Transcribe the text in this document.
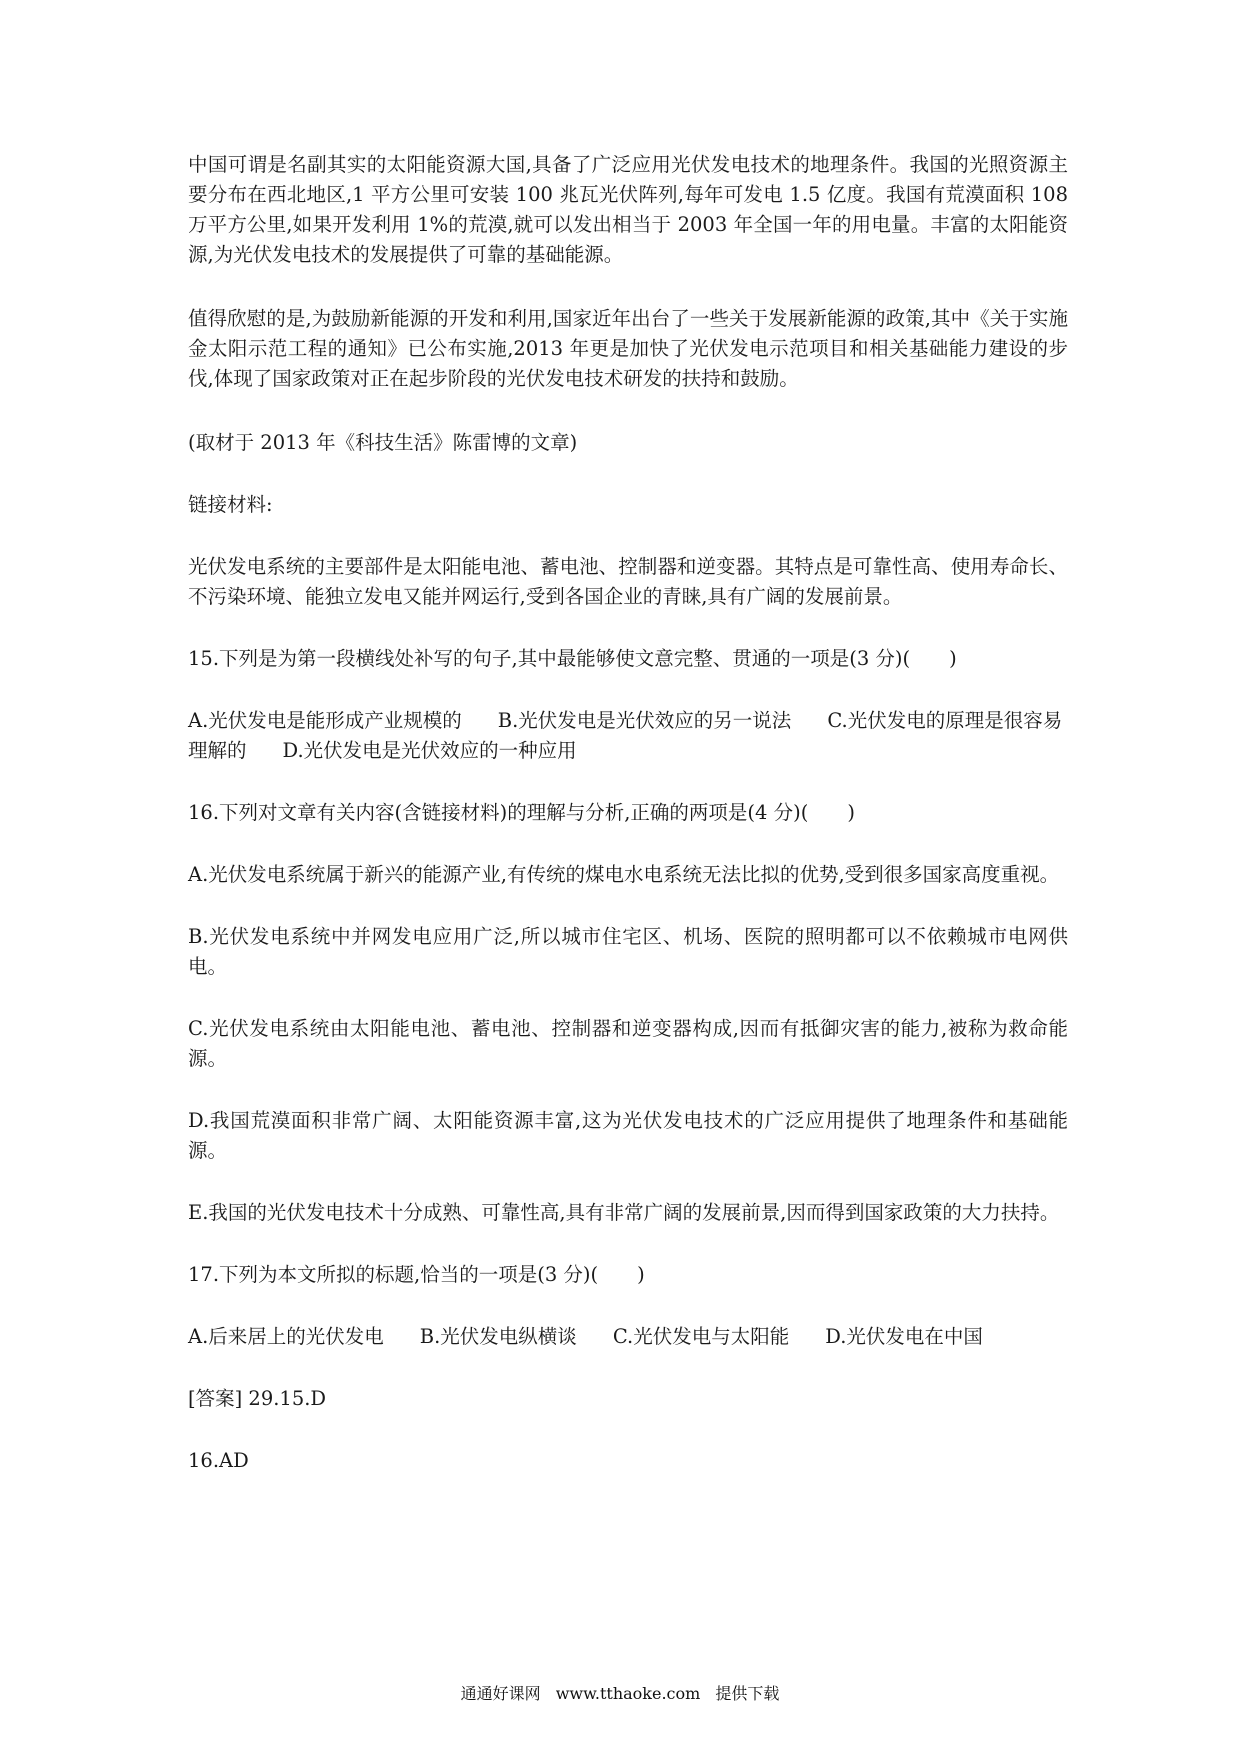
中国可谓是名副其实的太阳能资源大国,具备了广泛应用光伏发电技术的地理条件。我国的光照资源主要分布在西北地区,1 平方公里可安装 100 兆瓦光伏阵列,每年可发电 1.5 亿度。我国有荒漠面积 108 万平方公里,如果开发利用 1%的荒漠,就可以发出相当于 2003 年全国一年的用电量。丰富的太阳能资源,为光伏发电技术的发展提供了可靠的基础能源。

值得欣慰的是,为鼓励新能源的开发和利用,国家近年出台了一些关于发展新能源的政策,其中《关于实施金太阳示范工程的通知》已公布实施,2013 年更是加快了光伏发电示范项目和相关基础能力建设的步伐,体现了国家政策对正在起步阶段的光伏发电技术研发的扶持和鼓励。

(取材于 2013 年《科技生活》陈雷博的文章)

链接材料:

光伏发电系统的主要部件是太阳能电池、蓄电池、控制器和逆变器。其特点是可靠性高、使用寿命长、不污染环境、能独立发电又能并网运行,受到各国企业的青睐,具有广阔的发展前景。

15.下列是为第一段横线处补写的句子,其中最能够使文意完整、贯通的一项是(3 分)(　　)

A.光伏发电是能形成产业规模的 B.光伏发电是光伏效应的另一说法 C.光伏发电的原理是很容易理解的 D.光伏发电是光伏效应的一种应用

16.下列对文章有关内容(含链接材料)的理解与分析,正确的两项是(4 分)(　　)

A.光伏发电系统属于新兴的能源产业,有传统的煤电水电系统无法比拟的优势,受到很多国家高度重视。

B.光伏发电系统中并网发电应用广泛,所以城市住宅区、机场、医院的照明都可以不依赖城市电网供电。

C.光伏发电系统由太阳能电池、蓄电池、控制器和逆变器构成,因而有抵御灾害的能力,被称为救命能源。

D.我国荒漠面积非常广阔、太阳能资源丰富,这为光伏发电技术的广泛应用提供了地理条件和基础能源。

E.我国的光伏发电技术十分成熟、可靠性高,具有非常广阔的发展前景,因而得到国家政策的大力扶持。

17.下列为本文所拟的标题,恰当的一项是(3 分)(　　)

A.后来居上的光伏发电 B.光伏发电纵横谈 C.光伏发电与太阳能 D.光伏发电在中国

[答案] 29.15.D

16.AD

通通好课网 www.tthaoke.com 提供下载
